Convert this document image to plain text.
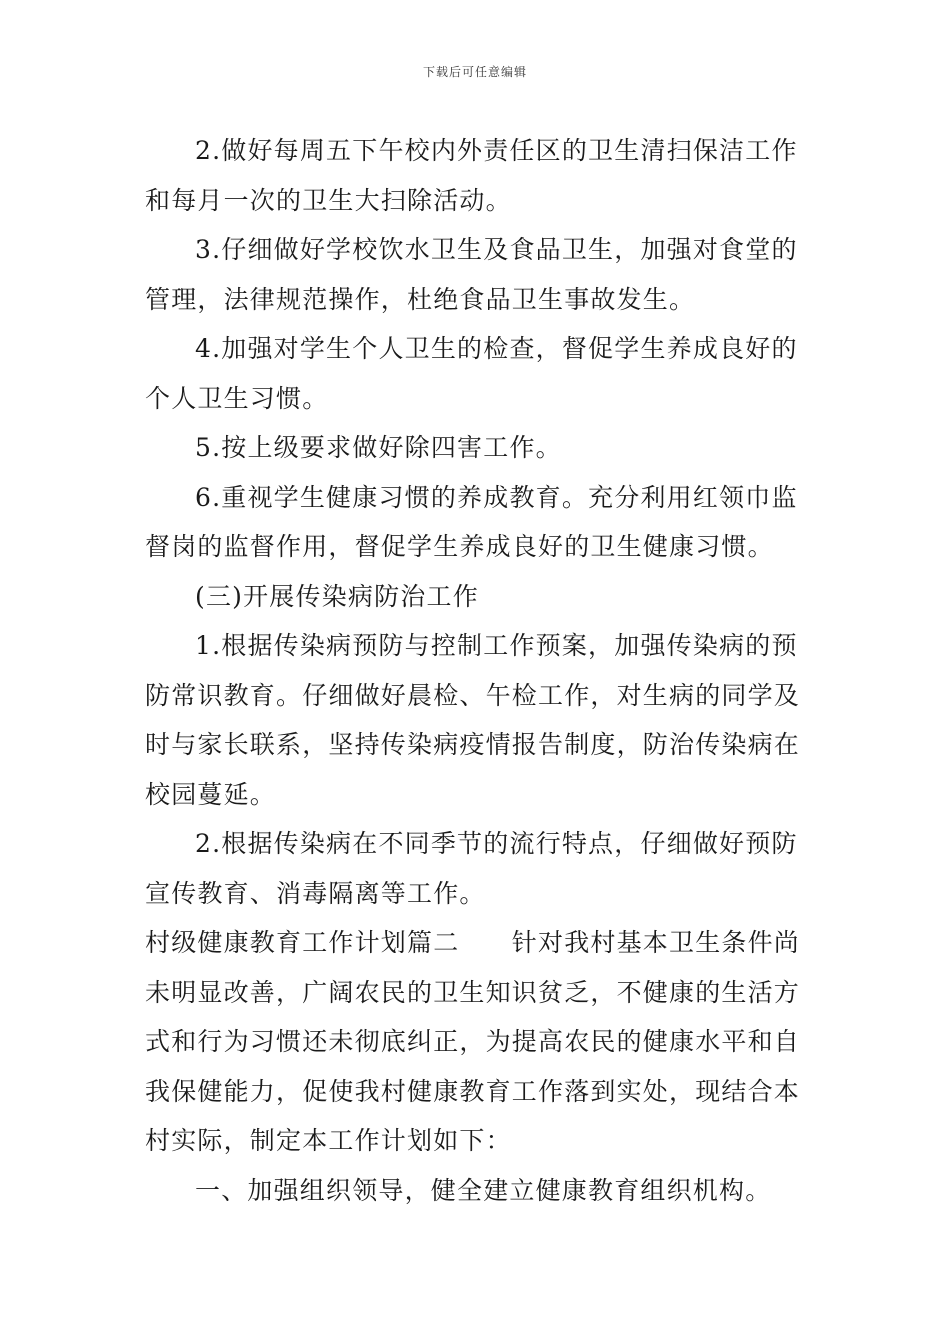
下载后可任意编辑
2.做好每周五下午校内外责任区的卫生清扫保洁工作
和每月一次的卫生大扫除活动。
3.仔细做好学校饮水卫生及食品卫生，加强对食堂的
管理，法律规范操作，杜绝食品卫生事故发生。
4.加强对学生个人卫生的检查，督促学生养成良好的
个人卫生习惯。
5.按上级要求做好除四害工作。
6.重视学生健康习惯的养成教育。充分利用红领巾监
督岗的监督作用，督促学生养成良好的卫生健康习惯。
(三)开展传染病防治工作
1.根据传染病预防与控制工作预案，加强传染病的预
防常识教育。仔细做好晨检、午检工作，对生病的同学及
时与家长联系，坚持传染病疫情报告制度，防治传染病在
校园蔓延。
2.根据传染病在不同季节的流行特点，仔细做好预防
宣传教育、消毒隔离等工作。
村级健康教育工作计划篇二　　针对我村基本卫生条件尚
未明显改善，广阔农民的卫生知识贫乏，不健康的生活方
式和行为习惯还未彻底纠正，为提高农民的健康水平和自
我保健能力，促使我村健康教育工作落到实处，现结合本
村实际，制定本工作计划如下：
一、加强组织领导，健全建立健康教育组织机构。
